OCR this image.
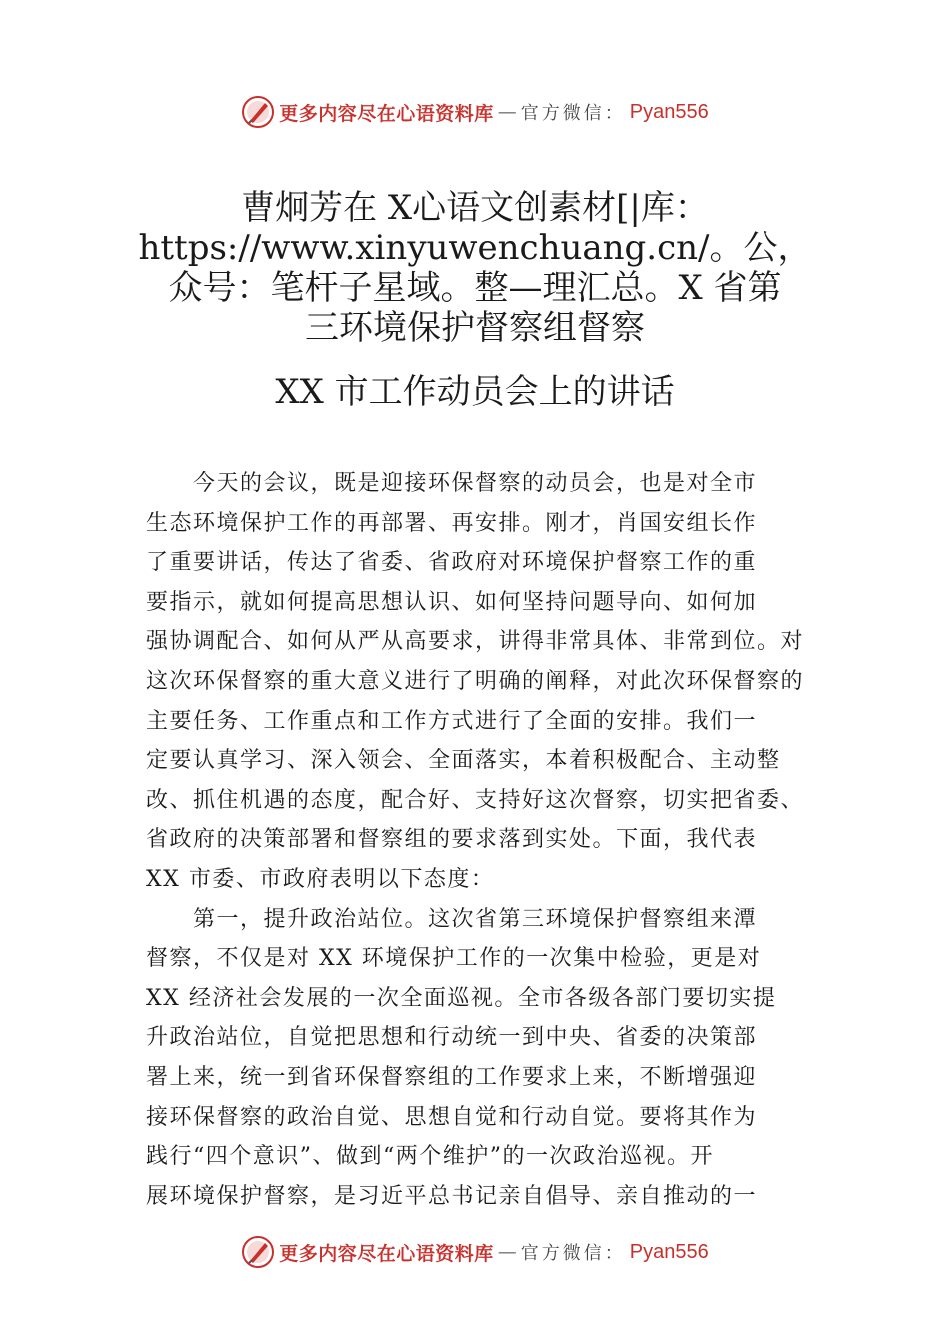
更多内容尽在心语资料库 — 官方微信： Pyan556
曹炯芳在 X心语文创素材[|库：
https://www.xinyuwenchuang.cn/。公，
众号：笔杆子星域。整—理汇总。X 省第
三环境保护督察组督察
XX 市工作动员会上的讲话
　　今天的会议，既是迎接环保督察的动员会，也是对全市
生态环境保护工作的再部署、再安排。刚才，肖国安组长作
了重要讲话，传达了省委、省政府对环境保护督察工作的重
要指示，就如何提高思想认识、如何坚持问题导向、如何加
强协调配合、如何从严从高要求，讲得非常具体、非常到位。对
这次环保督察的重大意义进行了明确的阐释，对此次环保督察的
主要任务、工作重点和工作方式进行了全面的安排。我们一
定要认真学习、深入领会、全面落实，本着积极配合、主动整
改、抓住机遇的态度，配合好、支持好这次督察，切实把省委、
省政府的决策部署和督察组的要求落到实处。下面，我代表
XX 市委、市政府表明以下态度：
　　第一，提升政治站位。这次省第三环境保护督察组来潭
督察，不仅是对 XX 环境保护工作的一次集中检验，更是对
XX 经济社会发展的一次全面巡视。全市各级各部门要切实提
升政治站位，自觉把思想和行动统一到中央、省委的决策部
署上来，统一到省环保督察组的工作要求上来，不断增强迎
接环保督察的政治自觉、思想自觉和行动自觉。要将其作为
践行“四个意识”、做到“两个维护”的一次政治巡视。开
展环境保护督察，是习近平总书记亲自倡导、亲自推动的一
更多内容尽在心语资料库 — 官方微信： Pyan556
